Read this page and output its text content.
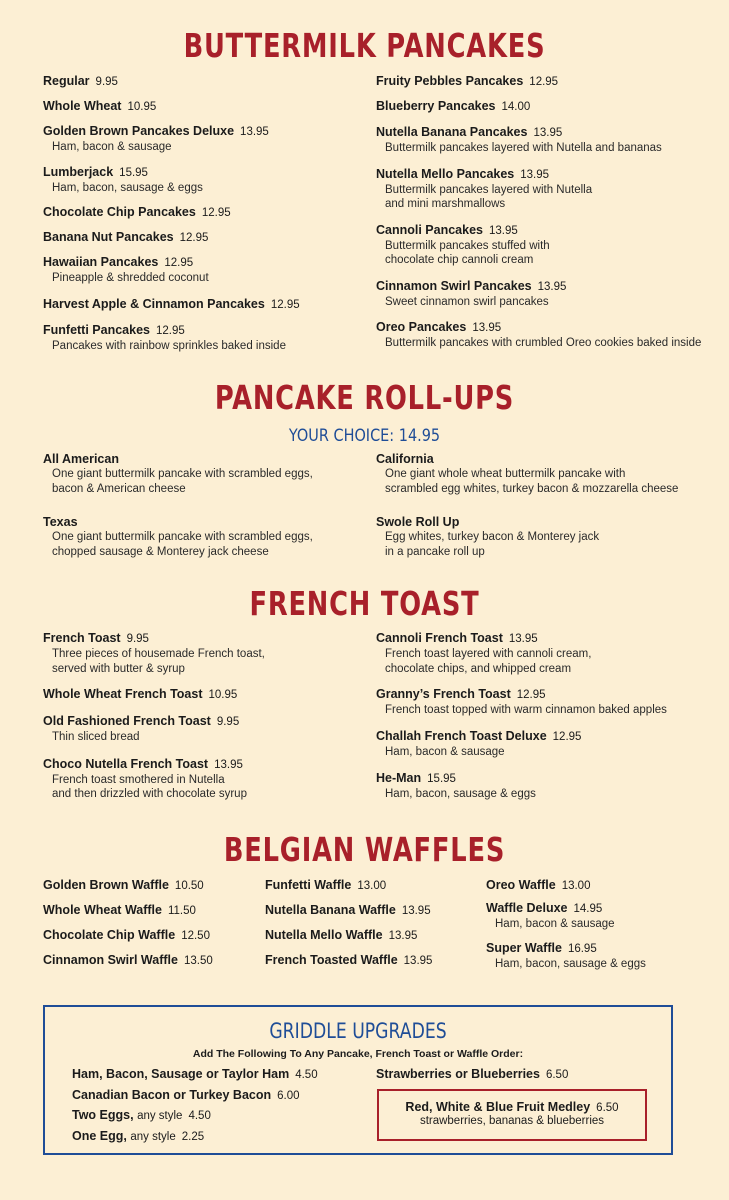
BUTTERMILK PANCAKES
Regular 9.95
Whole Wheat 10.95
Golden Brown Pancakes Deluxe 13.95
Ham, bacon & sausage
Lumberjack 15.95
Ham, bacon, sausage & eggs
Chocolate Chip Pancakes 12.95
Banana Nut Pancakes 12.95
Hawaiian Pancakes 12.95
Pineapple & shredded coconut
Harvest Apple & Cinnamon Pancakes 12.95
Funfetti Pancakes 12.95
Pancakes with rainbow sprinkles baked inside
Fruity Pebbles Pancakes 12.95
Blueberry Pancakes 14.00
Nutella Banana Pancakes 13.95
Buttermilk pancakes layered with Nutella and bananas
Nutella Mello Pancakes 13.95
Buttermilk pancakes layered with Nutella
and mini marshmallows
Cannoli Pancakes 13.95
Buttermilk pancakes stuffed with
chocolate chip cannoli cream
Cinnamon Swirl Pancakes 13.95
Sweet cinnamon swirl pancakes
Oreo Pancakes 13.95
Buttermilk pancakes with crumbled Oreo cookies baked inside
PANCAKE ROLL-UPS
YOUR CHOICE: 14.95
All American
One giant buttermilk pancake with scrambled eggs,
bacon & American cheese
Texas
One giant buttermilk pancake with scrambled eggs,
chopped sausage & Monterey jack cheese
California
One giant whole wheat buttermilk pancake with
scrambled egg whites, turkey bacon & mozzarella cheese
Swole Roll Up
Egg whites, turkey bacon & Monterey jack
in a pancake roll up
FRENCH TOAST
French Toast 9.95
Three pieces of housemade French toast,
served with butter & syrup
Whole Wheat French Toast 10.95
Old Fashioned French Toast 9.95
Thin sliced bread
Choco Nutella French Toast 13.95
French toast smothered in Nutella
and then drizzled with chocolate syrup
Cannoli French Toast 13.95
French toast layered with cannoli cream,
chocolate chips, and whipped cream
Granny’s French Toast 12.95
French toast topped with warm cinnamon baked apples
Challah French Toast Deluxe 12.95
Ham, bacon & sausage
He-Man 15.95
Ham, bacon, sausage & eggs
BELGIAN WAFFLES
Golden Brown Waffle 10.50
Whole Wheat Waffle 11.50
Chocolate Chip Waffle 12.50
Cinnamon Swirl Waffle 13.50
Funfetti Waffle 13.00
Nutella Banana Waffle 13.95
Nutella Mello Waffle 13.95
French Toasted Waffle 13.95
Oreo Waffle 13.00
Waffle Deluxe 14.95
Ham, bacon & sausage
Super Waffle 16.95
Ham, bacon, sausage & eggs
GRIDDLE UPGRADES
Add The Following To Any Pancake, French Toast or Waffle Order:
Ham, Bacon, Sausage or Taylor Ham 4.50
Canadian Bacon or Turkey Bacon 6.00
Two Eggs, any style 4.50
One Egg, any style 2.25
Strawberries or Blueberries 6.50
Red, White & Blue Fruit Medley 6.50
strawberries, bananas & blueberries
